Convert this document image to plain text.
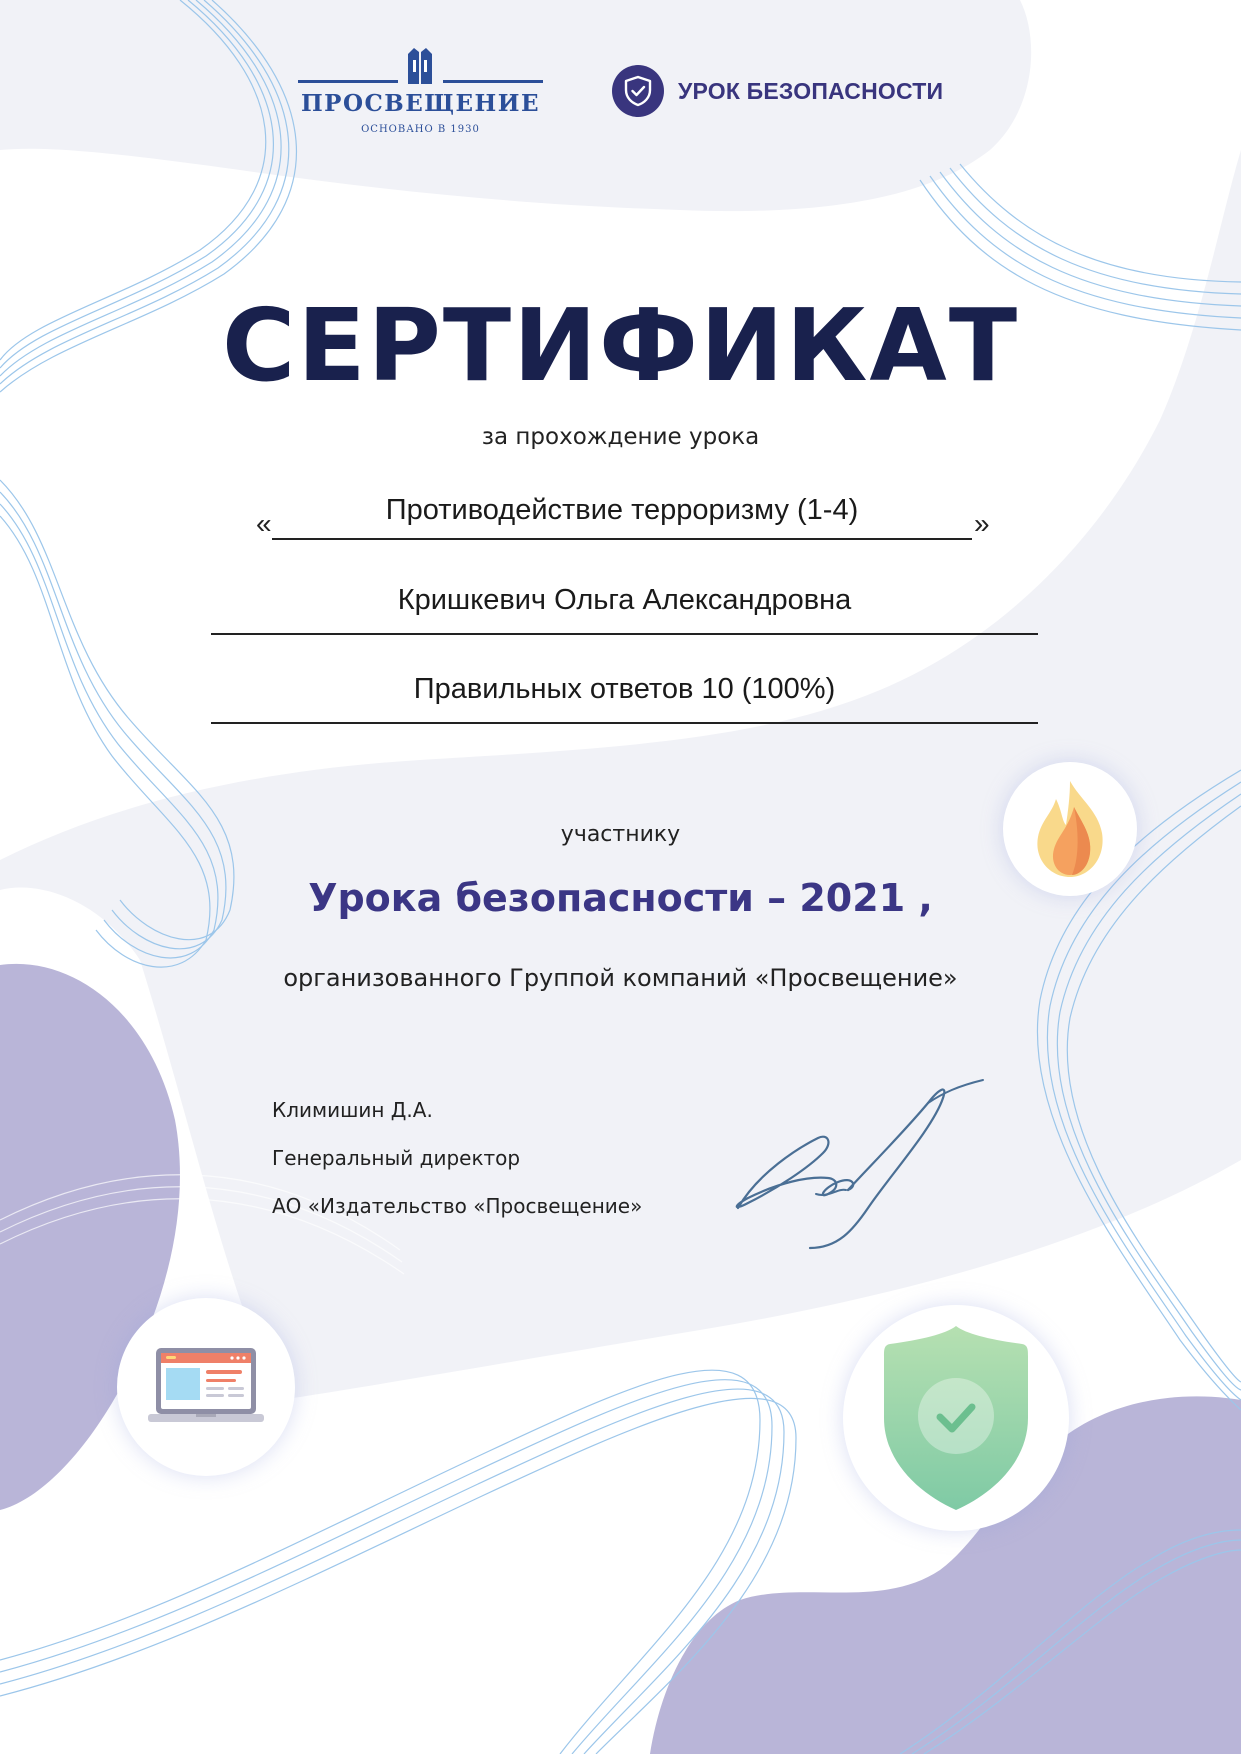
ПРОСВЕЩЕНИЕ
ОСНОВАНО В 1930
УРОК БЕЗОПАСНОСТИ
СЕРТИФИКАТ
за прохождение урока
«	Противодействие терроризму (1-4)	»
Кришкевич Ольга Александровна
Правильных ответов 10 (100%)
участнику
Урока безопасности – 2021 ,
организованного Группой компаний «Просвещение»
Климишин Д.А.
Генеральный директор
АО «Издательство «Просвещение»
